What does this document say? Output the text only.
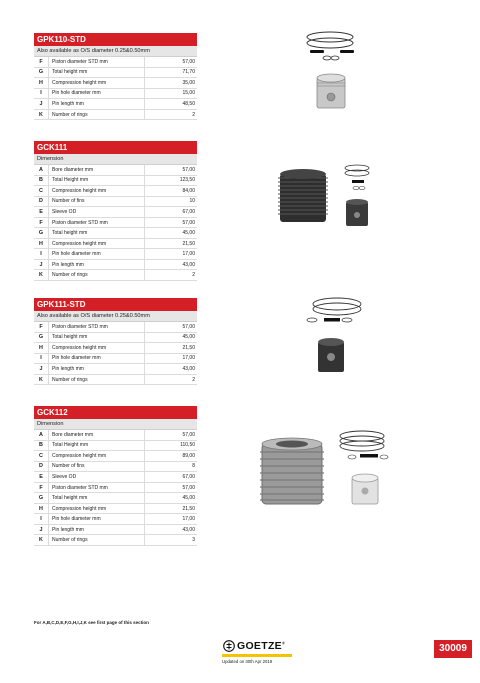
GPK110-STD
Also available as O/S diameter 0.25&0.50mm
F	Piston diameter STD mm	57,00
G	Total height mm	71,70
H	Compression height mm	35,00
I	Pin hole diameter mm	15,00
J	Pin length mm	48,50
K	Number of rings	2
GCK111
Dimension
A	Bore diameter mm	57,00
B	Total Height mm	123,50
C	Compression height mm	84,00
D	Number of fins	10
E	Sleeve OD	67,00
F	Piston diameter STD mm	57,00
G	Total height mm	45,00
H	Compression height mm	21,50
I	Pin hole diameter mm	17,00
J	Pin length mm	43,00
K	Number of rings	2
GPK111-STD
Also available as O/S diameter 0.25&0.50mm
F	Piston diameter STD mm	57,00
G	Total height mm	45,00
H	Compression height mm	21,50
I	Pin hole diameter mm	17,00
J	Pin length mm	43,00
K	Number of rings	2
GCK112
Dimension
A	Bore diameter mm	57,00
B	Total Height mm	110,50
C	Compression height mm	89,00
D	Number of fins	8
E	Sleeve OD	67,00
F	Piston diameter STD mm	57,00
G	Total height mm	45,00
H	Compression height mm	21,50
I	Pin hole diameter mm	17,00
J	Pin length mm	43,00
K	Number of rings	3
For A,B,C,D,E,F,G,H,I,J,K see first page of this section
GOETZE®
Updated on 30th Apr 2019
30009
